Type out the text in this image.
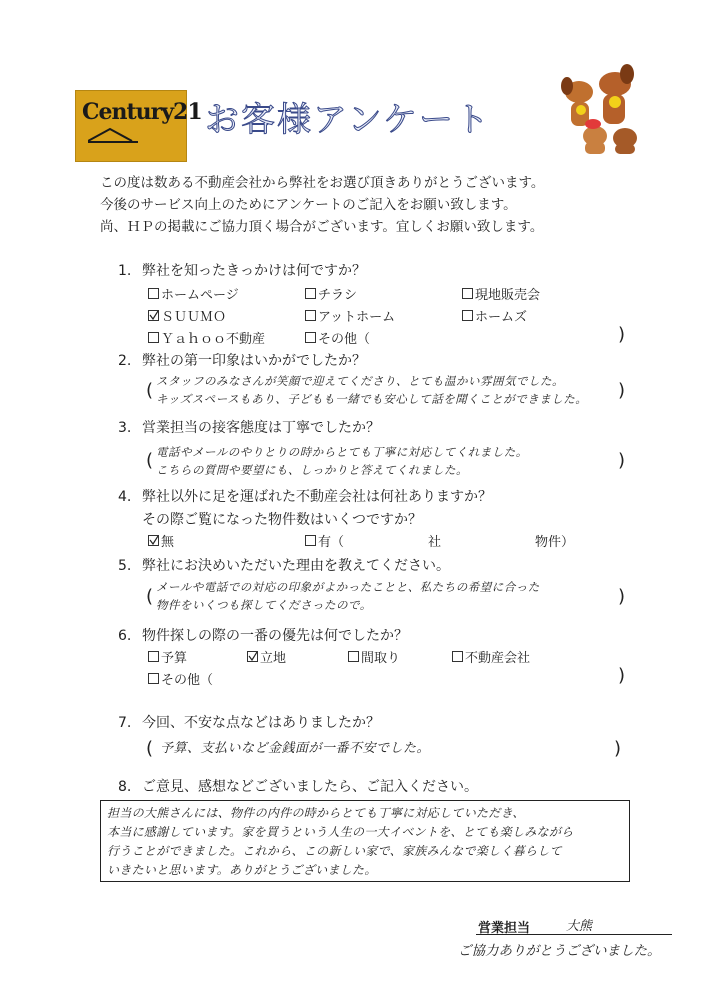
Century21 お客様アンケート
この度は数ある不動産会社から弊社をお選び頂きありがとうございます。
今後のサービス向上のためにアンケートのご記入をお願い致します。
尚、ＨＰの掲載にご協力頂く場合がございます。宜しくお願い致します。
1. 弊社を知ったきっかけは何ですか？
ホームページ	チラシ	現地販売会
ＳＵＵＭＯ	アットホーム	ホームズ
Ｙａｈｏｏ不動産	その他（	)
2. 弊社の第一印象はいかがでしたか？
( スタッフのみなさんが笑顔で迎えてくださり、とても温かい雰囲気でした。
キッズスペースもあり、子どもも一緒でも安心して話を聞くことができました。 )
3. 営業担当の接客態度は丁寧でしたか？
( 電話やメールのやりとりの時からとても丁寧に対応してくれました。
こちらの質問や要望にも、しっかりと答えてくれました。	)
4. 弊社以外に足を運ばれた不動産会社は何社ありますか？
その際ご覧になった物件数はいくつですか？
無	有（	社	物件）
5. 弊社にお決めいただいた理由を教えてください。
( メールや電話での対応の印象がよかったことと、私たちの希望に合った
物件をいくつも探してくださったので。	)
6. 物件探しの際の一番の優先は何でしたか？
予算	立地	間取り	不動産会社
その他（	)
7. 今回、不安な点などはありましたか？
( 予算、支払いなど金銭面が一番不安でした。	)
8. ご意見、感想などございましたら、ご記入ください。
担当の大熊さんには、物件の内件の時からとても丁寧に対応していただき、
本当に感謝しています。家を買うという人生の一大イベントを、とても楽しみながら
行うことができました。これから、この新しい家で、家族みんなで楽しく暮らして
いきたいと思います。ありがとうございました。
営業担当	大熊
ご協力ありがとうございました。
